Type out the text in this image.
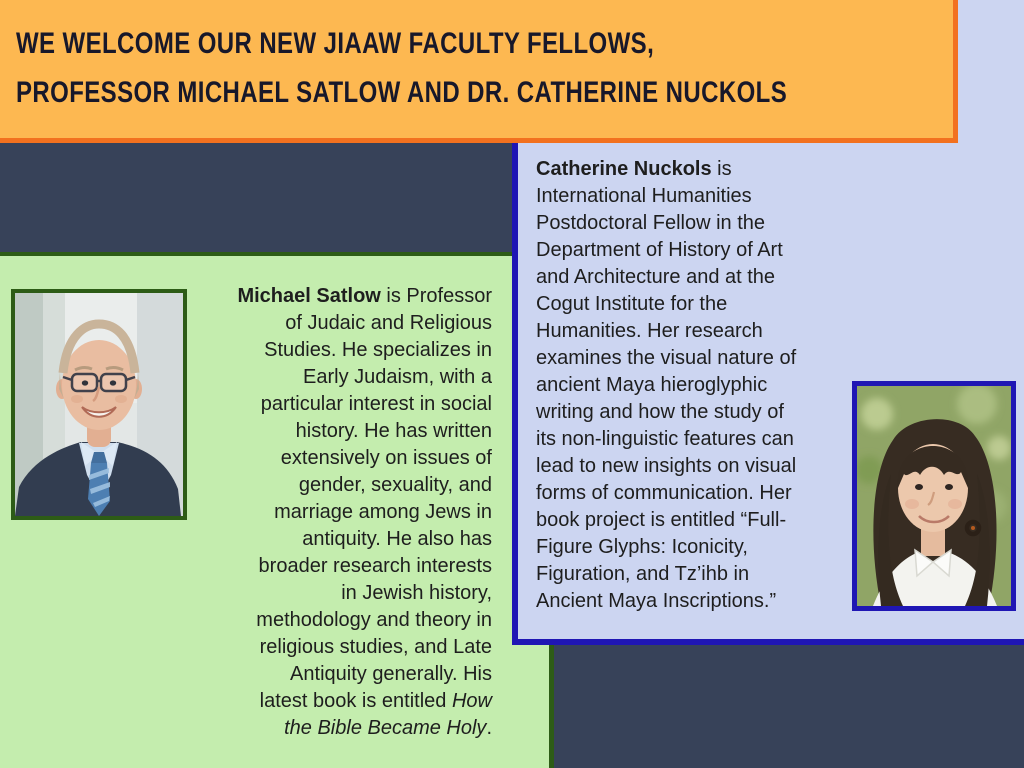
WE WELCOME OUR NEW JIAAW FACULTY FELLOWS,
PROFESSOR MICHAEL SATLOW AND DR. CATHERINE NUCKOLS
Michael Satlow is Professor
of Judaic and Religious
Studies. He specializes in
Early Judaism, with a
particular interest in social
history. He has written
extensively on issues of
gender, sexuality, and
marriage among Jews in
antiquity. He also has
broader research interests
in Jewish history,
methodology and theory in
religious studies, and Late
Antiquity generally. His
latest book is entitled How
the Bible Became Holy.
Catherine Nuckols is
International Humanities
Postdoctoral Fellow in the
Department of History of Art
and Architecture and at the
Cogut Institute for the
Humanities. Her research
examines the visual nature of
ancient Maya hieroglyphic
writing and how the study of
its non-linguistic features can
lead to new insights on visual
forms of communication. Her
book project is entitled “Full-
Figure Glyphs: Iconicity,
Figuration, and Tz’ihb in
Ancient Maya Inscriptions.”
